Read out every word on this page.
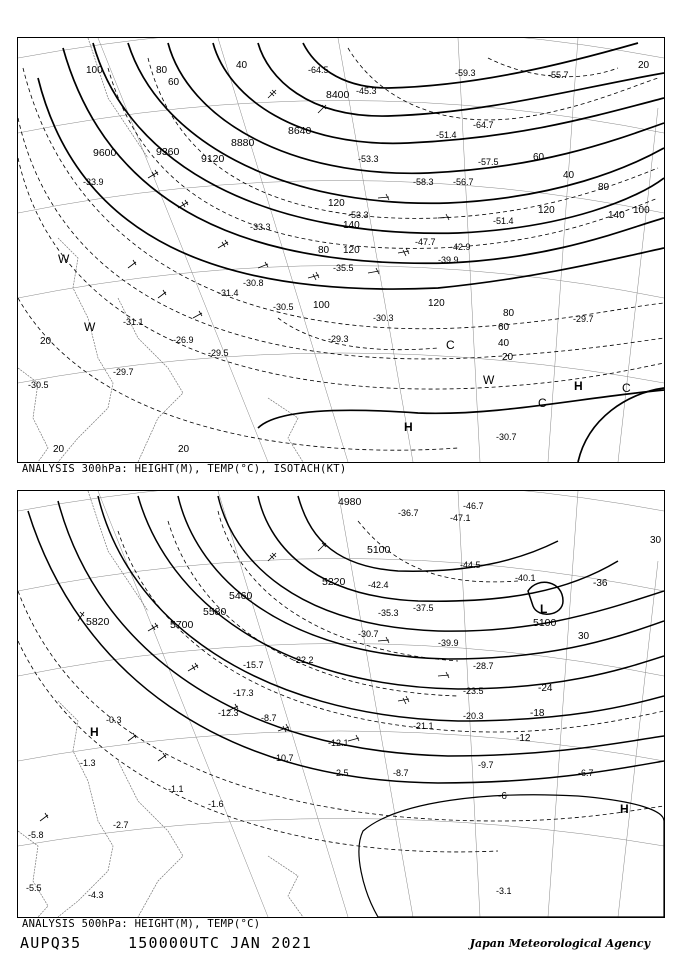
9600	9360
9120
8880
8640
8400
100	80
60
40	20
120	140
120
100
80
60
40
20
20
20	20
40
60
80
100
120
140
120
80
H
H
C
C
C
W
W
W
-30.7
-29.7
-29.5
-26.9
-30.8
-31.4
-30.3	-29.7
-30.5
-31.1
-35.5
-33.9
-47.7
-53.3
-55.7
-51.4
-58.3 -56.7
-53.3
-51.4
-57.5
-64.7
-64.5	-59.3
-33.3
-39.9
-45.3
-42.9
-29.3
-30.5
ANALYSIS 300hPa: HEIGHT(M), TEMP(°C), ISOTACH(KT)
5820	5700
5580
5460
5220
5100
4980
5100
-36
30
-24
-18
-12
-6
30
H
H
L
-3.1
-6.7
-9.7
-8.7
-2.5
-1.6
-1.1
-0.3
-2.7
-4.3
-5.8
-1.3	-10.7
-12.1
-21.1
-23.5
-20.3
-28.7
-37.5
-40.1
-44.5
-46.7
-36.7	-47.1
-42.4
-39.9
-35.3
-30.7
-22.2
-17.3
-12.3 -8.7
-5.5
-15.7
ANALYSIS 500hPa: HEIGHT(M), TEMP(°C)
AUPQ35	150000UTC JAN 2021	Japan Meteorological Agency
